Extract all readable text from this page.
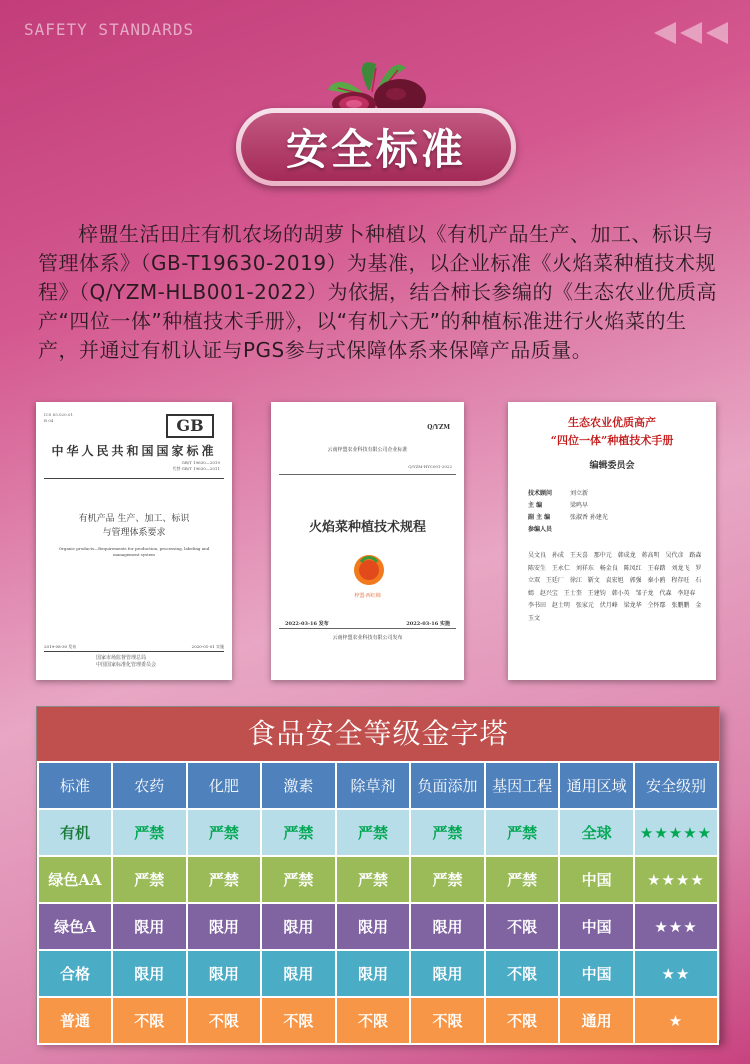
SAFETY STANDARDS
安全标准

梓盟生活田庄有机农场的胡萝卜种植以《有机产品生产、加工、标识与管理体系》（GB-T19630-2019）为基准，以企业标准《火焰菜种植技术规程》（Q/YZM-HLB001-2022）为依据，结合柿长参编的《生态农业优质高产“四位一体”种植技术手册》，以“有机六无”的种植标准进行火焰菜的生产，并通过有机认证与PGS参与式保障体系来保障产品质量。

ICS 65.020.01
B 04	GB
中华人民共和国国家标准
GB/T 19630—2019
代替 GB/T 19630—2011
有机产品 生产、加工、标识
与管理体系要求
Organic products—Requirements for production, processing, labeling and management system
2019-08-30 发布	2020-01-01 实施
国家市场监督管理总局
中国国家标准化管理委员会
Q/YZM
云南梓盟农业科技有限公司企业标准
Q/YZM-HYC001-2022
火焰菜种植技术规程
梓盟·西红柿
2022-03-16 发布	2022-03-16 实施
云南梓盟农业科技有限公司发布
生态农业优质高产
“四位一体”种植技术手册
编辑委员会
技术顾问	刘立新
主 编	梁鸣早
副 主 编	张淑香 孙建光
参编人员
吴文良 孙成 王天喜 那中元 韩成龙 蒋高明 吴代彦 路森 陈安生 王永仁 刘祥东 畅金良 陈凤红 王春踏 刘龙飞 罗立双 王廷厂 徐江 靳文 袁宏旭 郭强 秦小鸥 程存旺 石嫣 赵兴宝 王士奎 王建钧 韩小英 邹子龙 代森 李迎春 李书田 赵士明 张家元 伏月峰 梁龙华 仝怀鄢 张鹏鹏 金玉文
食品安全等级金字塔
标准	农药	化肥	激素	除草剂	负面添加	基因工程	通用区域	安全级别
有机	严禁	严禁	严禁	严禁	严禁	严禁	全球	★★★★★
绿色AA	严禁	严禁	严禁	严禁	严禁	严禁	中国	★★★★
绿色A	限用	限用	限用	限用	限用	不限	中国	★★★
合格	限用	限用	限用	限用	限用	不限	中国	★★
普通	不限	不限	不限	不限	不限	不限	通用	★
